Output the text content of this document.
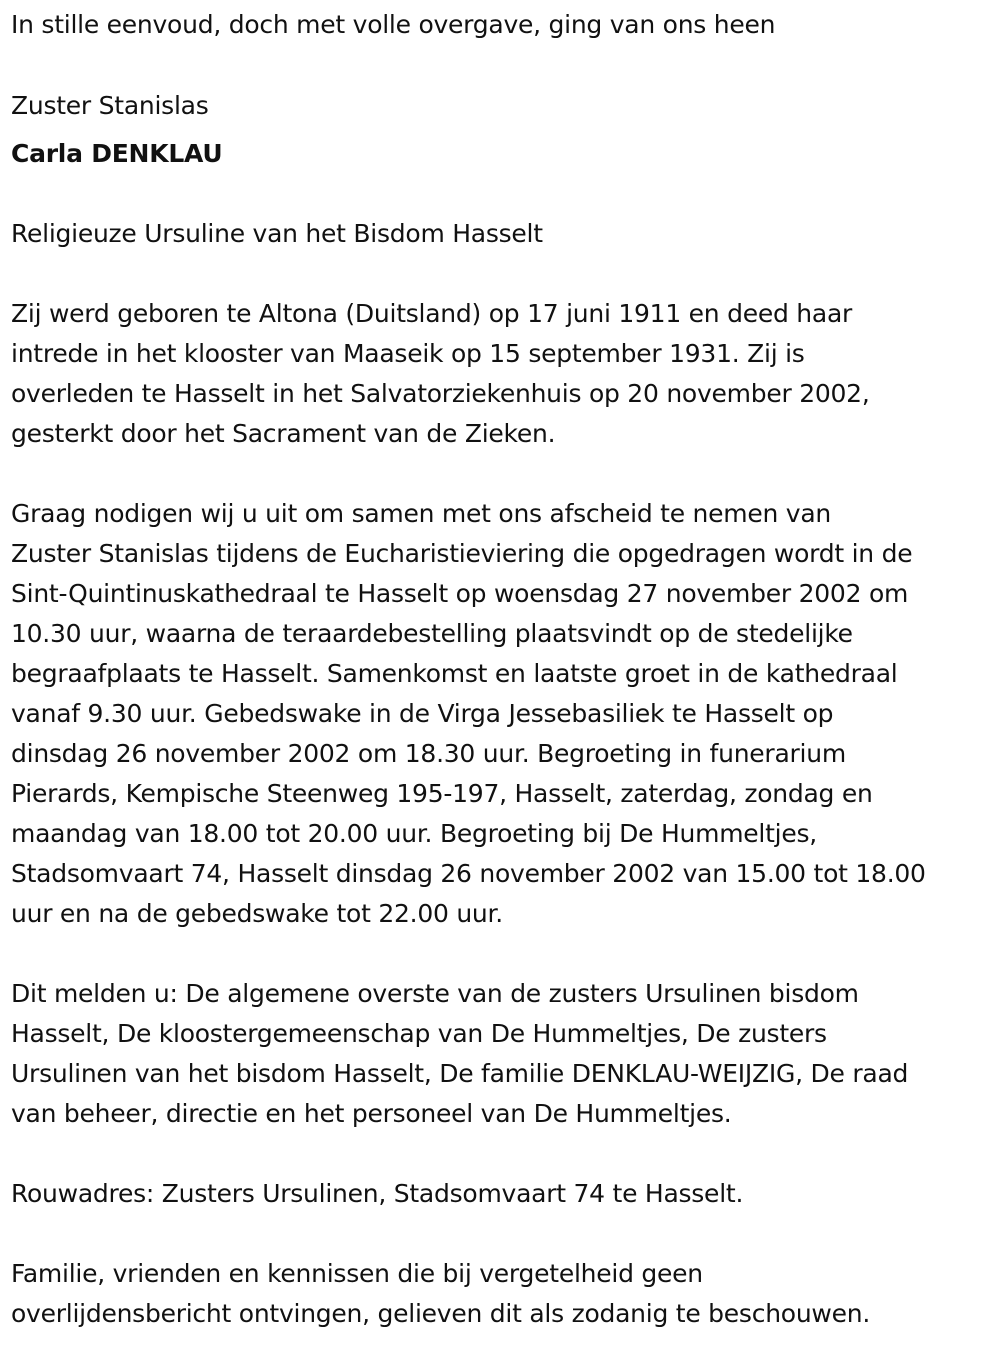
In stille eenvoud, doch met volle overgave, ging van ons heen
Zuster Stanislas
Carla DENKLAU
Religieuze Ursuline van het Bisdom Hasselt
Zij werd geboren te Altona (Duitsland) op 17 juni 1911 en deed haar
intrede in het klooster van Maaseik op 15 september 1931. Zij is
overleden te Hasselt in het Salvatorziekenhuis op 20 november 2002,
gesterkt door het Sacrament van de Zieken.
Graag nodigen wij u uit om samen met ons afscheid te nemen van
Zuster Stanislas tijdens de Eucharistieviering die opgedragen wordt in de
Sint-Quintinuskathedraal te Hasselt op woensdag 27 november 2002 om
10.30 uur, waarna de teraardebestelling plaatsvindt op de stedelijke
begraafplaats te Hasselt. Samenkomst en laatste groet in de kathedraal
vanaf 9.30 uur. Gebedswake in de Virga Jessebasiliek te Hasselt op
dinsdag 26 november 2002 om 18.30 uur. Begroeting in funerarium
Pierards, Kempische Steenweg 195-197, Hasselt, zaterdag, zondag en
maandag van 18.00 tot 20.00 uur. Begroeting bij De Hummeltjes,
Stadsomvaart 74, Hasselt dinsdag 26 november 2002 van 15.00 tot 18.00
uur en na de gebedswake tot 22.00 uur.
Dit melden u: De algemene overste van de zusters Ursulinen bisdom
Hasselt, De kloostergemeenschap van De Hummeltjes, De zusters
Ursulinen van het bisdom Hasselt, De familie DENKLAU-WEIJZIG, De raad
van beheer, directie en het personeel van De Hummeltjes.
Rouwadres: Zusters Ursulinen, Stadsomvaart 74 te Hasselt.
Familie, vrienden en kennissen die bij vergetelheid geen
overlijdensbericht ontvingen, gelieven dit als zodanig te beschouwen.
